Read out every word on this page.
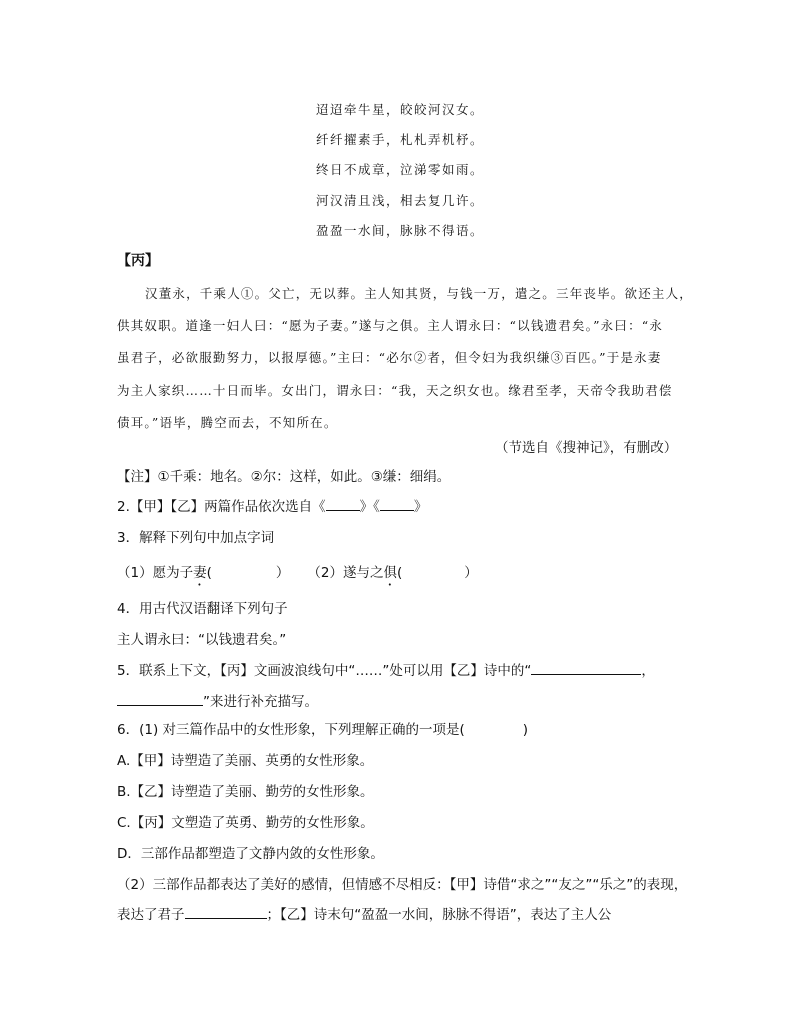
迢迢牵牛星，皎皎河汉女。
纤纤擢素手，札札弄机杼。
终日不成章，泣涕零如雨。
河汉清且浅，相去复几许。
盈盈一水间，脉脉不得语。
【丙】
汉董永，千乘人①。父亡，无以葬。主人知其贤，与钱一万，遣之。三年丧毕。欲还主人，
供其奴职。道逢一妇人曰：“愿为子妻。”遂与之俱。主人谓永曰：“以钱遗君矣。”永曰：“永
虽君子，必欲服勤努力，以报厚德。”主曰：“必尔②者，但令妇为我织缣③百匹。”于是永妻
为主人家织……十日而毕。女出门，谓永曰：“我，天之织女也。缘君至孝，天帝令我助君偿
债耳。”语毕，腾空而去，不知所在。
（节选自《搜神记》，有删改）
【注】①千乘：地名。②尔：这样，如此。③缣：细绢。
2.【甲】【乙】两篇作品依次选自《	》《	》
3．解释下列句中加点字词
（1）愿为子妻(	） （2）遂与之俱(	）
4．用古代汉语翻译下列句子
主人谓永曰：“以钱遗君矣。”
5．联系上下文，【丙】文画波浪线句中“……”处可以用【乙】诗中的“	，
”来进行补充描写。
6．(1) 对三篇作品中的女性形象，下列理解正确的一项是(	)
A.【甲】诗塑造了美丽、英勇的女性形象。
B.【乙】诗塑造了美丽、勤劳的女性形象。
C.【丙】文塑造了英勇、勤劳的女性形象。
D．三部作品都塑造了文静内敛的女性形象。
（2）三部作品都表达了美好的感情，但情感不尽相反：【甲】诗借“求之”“友之”“乐之”的表现，
表达了君子	；【乙】诗末句“盈盈一水间，脉脉不得语”，表达了主人公
